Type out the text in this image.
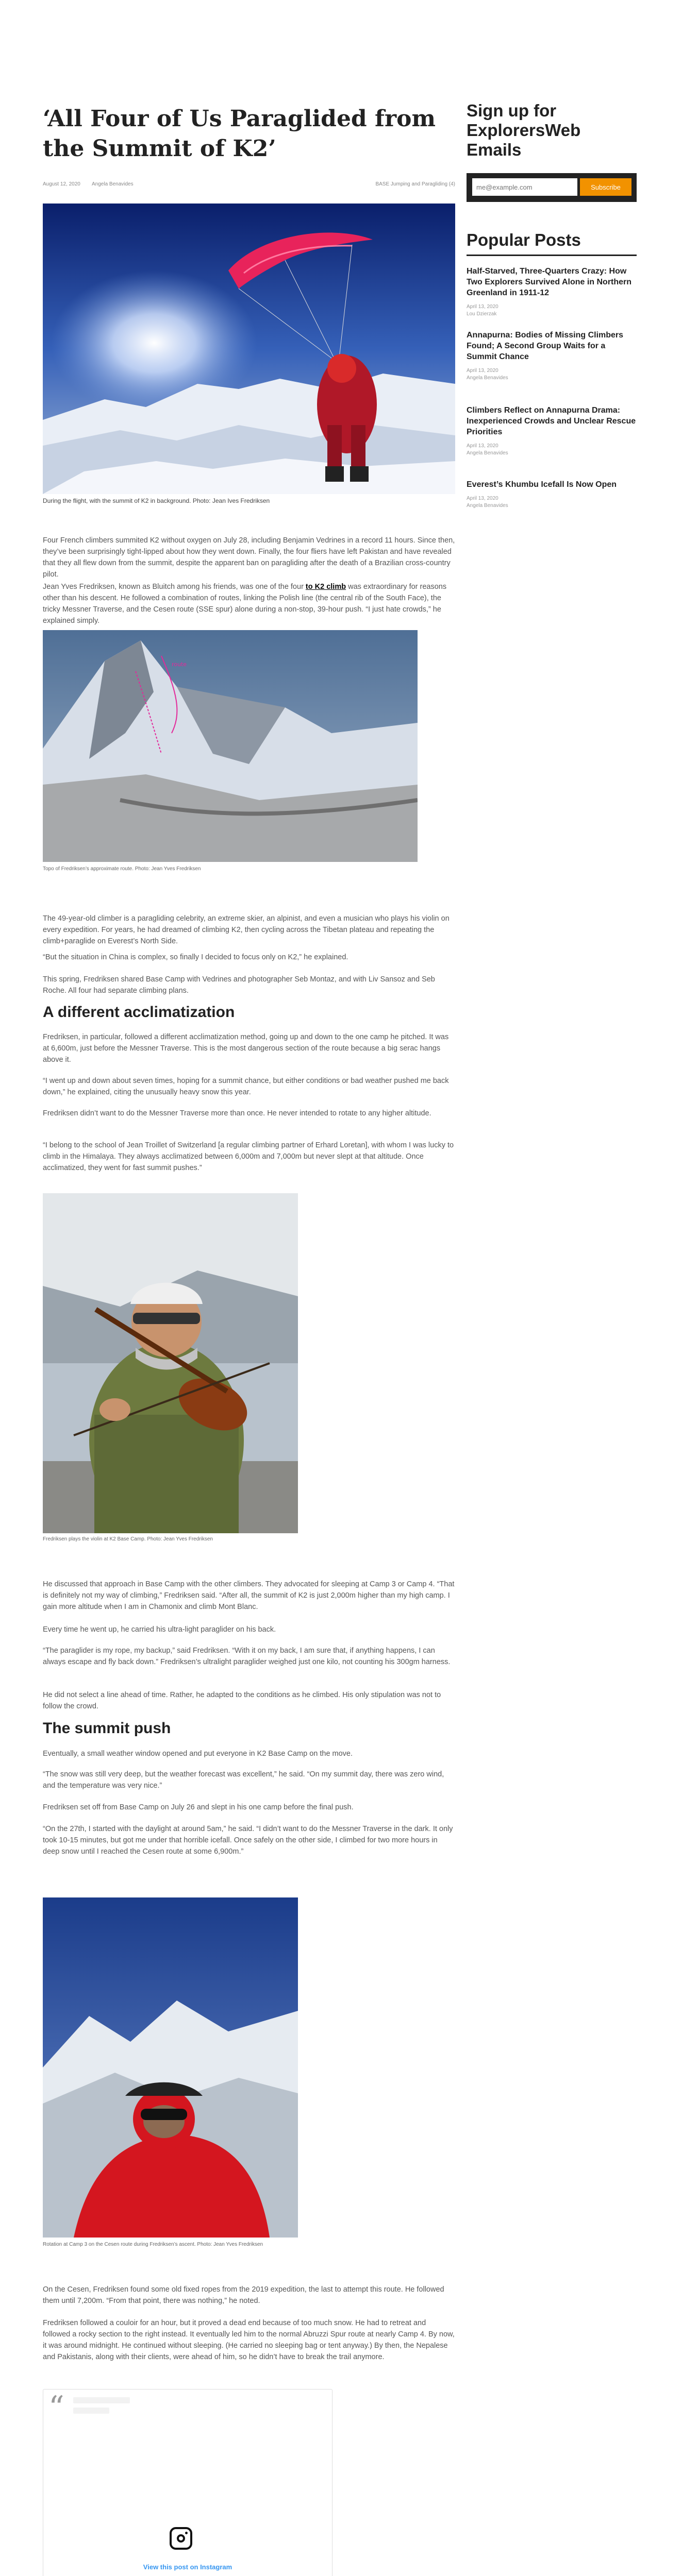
‘All Four of Us Paraglided from the Summit of K2’
August 12, 2020 Angela Benavides	BASE Jumping and Paragliding (4)
During the flight, with the summit of K2 in background. Photo: Jean Ives Fredriksen

Four French climbers summited K2 without oxygen on July 28, including Benjamin Vedrines in a record 11 hours. Since then, they’ve been surprisingly tight-lipped about how they went down. Finally, the four fliers have left Pakistan and have revealed that they all flew down from the summit, despite the apparent ban on paragliding after the death of a Brazilian cross-country pilot.

Jean Yves Fredriksen, known as Bluitch among his friends, was one of the four to K2 climb was extraordinary for reasons other than his descent. He followed a combination of routes, linking the Polish line (the central rib of the South Face), the tricky Messner Traverse, and the Cesen route (SSE spur) alone during a non-stop, 39-hour push. “I just hate crowds,” he explained simply.

route
Topo of Fredriksen’s approximate route. Photo: Jean Yves Fredriksen

The 49-year-old climber is a paragliding celebrity, an extreme skier, an alpinist, and even a musician who plays his violin on every expedition. For years, he had dreamed of climbing K2, then cycling across the Tibetan plateau and repeating the climb+paraglide on Everest’s North Side.

“But the situation in China is complex, so finally I decided to focus only on K2,” he explained.

This spring, Fredriksen shared Base Camp with Vedrines and photographer Seb Montaz, and with Liv Sansoz and Seb Roche. All four had separate climbing plans.

A different acclimatization

Fredriksen, in particular, followed a different acclimatization method, going up and down to the one camp he pitched. It was at 6,600m, just before the Messner Traverse. This is the most dangerous section of the route because a big serac hangs above it.

“I went up and down about seven times, hoping for a summit chance, but either conditions or bad weather pushed me back down,” he explained, citing the unusually heavy snow this year.

Fredriksen didn’t want to do the Messner Traverse more than once. He never intended to rotate to any higher altitude.

“I belong to the school of Jean Troillet of Switzerland [a regular climbing partner of Erhard Loretan], with whom I was lucky to climb in the Himalaya. They always acclimatized between 6,000m and 7,000m but never slept at that altitude. Once acclimatized, they went for fast summit pushes.”

Fredriksen plays the violin at K2 Base Camp. Photo: Jean Yves Fredriksen

He discussed that approach in Base Camp with the other climbers. They advocated for sleeping at Camp 3 or Camp 4. “That is definitely not my way of climbing,” Fredriksen said. “After all, the summit of K2 is just 2,000m higher than my high camp. I gain more altitude when I am in Chamonix and climb Mont Blanc.

Every time he went up, he carried his ultra-light paraglider on his back.

“The paraglider is my rope, my backup,” said Fredriksen. “With it on my back, I am sure that, if anything happens, I can always escape and fly back down.” Fredriksen’s ultralight paraglider weighed just one kilo, not counting his 300gm harness.

He did not select a line ahead of time. Rather, he adapted to the conditions as he climbed. His only stipulation was not to follow the crowd.

The summit push

Eventually, a small weather window opened and put everyone in K2 Base Camp on the move.

“The snow was still very deep, but the weather forecast was excellent,” he said. “On my summit day, there was zero wind, and the temperature was very nice.”

Fredriksen set off from Base Camp on July 26 and slept in his one camp before the final push.

“On the 27th, I started with the daylight at around 5am,” he said. “I didn’t want to do the Messner Traverse in the dark. It only took 10-15 minutes, but got me under that horrible icefall. Once safely on the other side, I climbed for two more hours in deep snow until I reached the Cesen route at some 6,900m.”

Rotation at Camp 3 on the Cesen route during Fredriksen’s ascent. Photo: Jean Yves Fredriksen

On the Cesen, Fredriksen found some old fixed ropes from the 2019 expedition, the last to attempt this route. He followed them until 7,200m. “From that point, there was nothing,” he noted.

Fredriksen followed a couloir for an hour, but it proved a dead end because of too much snow. He had to retreat and followed a rocky section to the right instead. It eventually led him to the normal Abruzzi Spur route at nearly Camp 4. By now, it was around midnight. He continued without sleeping. (He carried no sleeping bag or tent anyway.) By then, the Nepalese and Pakistanis, along with their clients, were ahead of him, so he didn’t have to break the trail anymore.

“
View this post on Instagram

Sign up for ExplorersWeb Emails
me@example.com
Subscribe
Popular Posts
Half-Starved, Three-Quarters Crazy: How Two Explorers Survived Alone in Northern Greenland in 1911-12
April 13, 2020
Lou Dzierzak
Annapurna: Bodies of Missing Climbers Found; A Second Group Waits for a Summit Chance
April 13, 2020
Angela Benavides
Climbers Reflect on Annapurna Drama: Inexperienced Crowds and Unclear Rescue Priorities
April 13, 2020
Angela Benavides
Everest’s Khumbu Icefall Is Now Open
April 13, 2020
Angela Benavides
